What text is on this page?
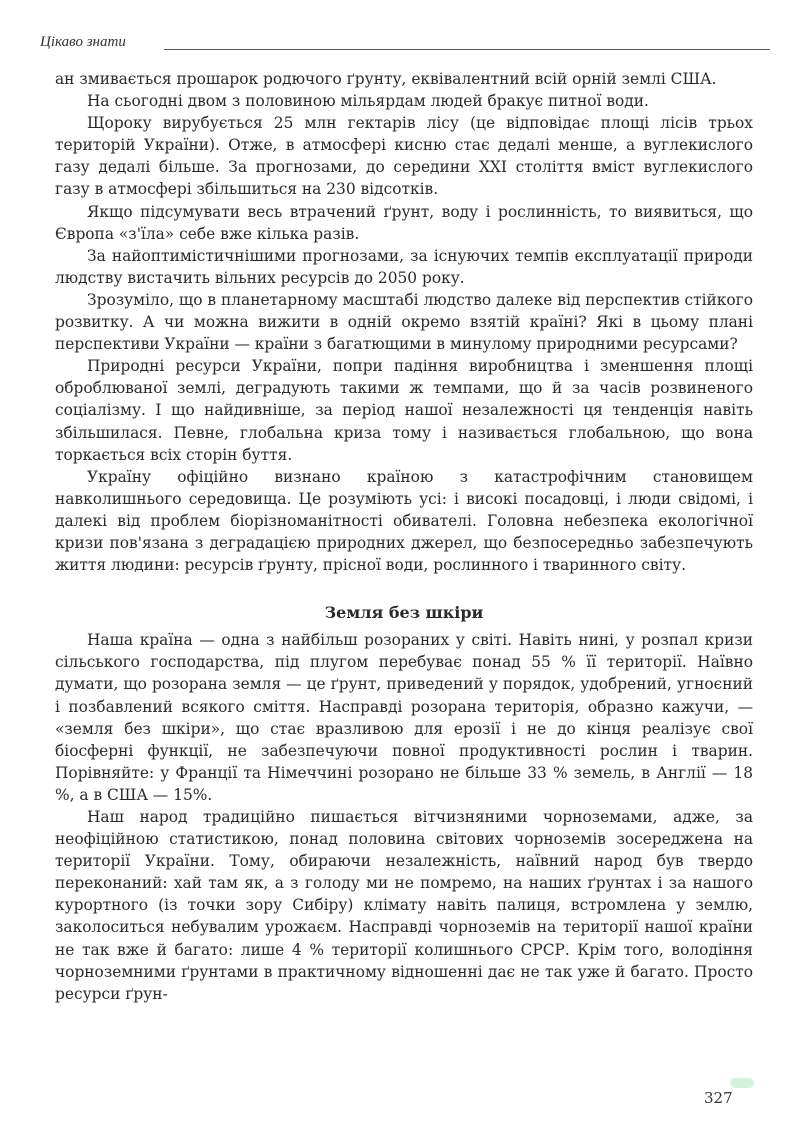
Цікаво знати

ан змивається прошарок родючого ґрунту, еквівалентний всій орній землі США.

На сьогодні двом з половиною мільярдам людей бракує питної води.

Щороку вирубується 25 млн гектарів лісу (це відповідає площі лісів трьох територій України). Отже, в атмосфері кисню стає дедалі менше, а вуглекислого газу дедалі більше. За прогнозами, до середини XXI століття вміст вуглекислого газу в атмосфері збільшиться на 230 відсотків.

Якщо підсумувати весь втрачений ґрунт, воду і рослинність, то виявиться, що Європа «з'їла» себе вже кілька разів.

За найоптимістичнішими прогнозами, за існуючих темпів експлуатації природи людству вистачить вільних ресурсів до 2050 року.

Зрозуміло, що в планетарному масштабі людство далеке від перспектив стійкого розвитку. А чи можна вижити в одній окремо взятій країні? Які в цьому плані перспективи України — країни з багатющими в минулому природними ресурсами?

Природні ресурси України, попри падіння виробництва і зменшення площі оброблюваної землі, деградують такими ж темпами, що й за часів розвиненого соціалізму. І що найдивніше, за період нашої незалежності ця тенденція навіть збільшилася. Певне, глобальна криза тому і називається глобальною, що вона торкається всіх сторін буття.

Україну офіційно визнано країною з катастрофічним становищем навколишнього середовища. Це розуміють усі: і високі посадовці, і люди свідомі, і далекі від проблем біорізноманітності обивателі. Головна небезпека екологічної кризи пов'язана з деградацією природних джерел, що безпосередньо забезпечують життя людини: ресурсів ґрунту, прісної води, рослинного і тваринного світу.

Земля без шкіри

Наша країна — одна з найбільш розораних у світі. Навіть нині, у розпал кризи сільського господарства, під плугом перебуває понад 55 % її території. Наївно думати, що розорана земля — це ґрунт, приведений у порядок, удобрений, угноєний і позбавлений всякого сміття. Насправді розорана територія, образно кажучи, — «земля без шкіри», що стає вразливою для ерозії і не до кінця реалізує свої біосферні функції, не забезпечуючи повної продуктивності рослин і тварин. Порівняйте: у Франції та Німеччині розорано не більше 33 % земель, в Англії — 18 %, а в США — 15%.

Наш народ традиційно пишається вітчизняними чорноземами, адже, за неофіційною статистикою, понад половина світових чорноземів зосереджена на території України. Тому, обираючи незалежність, наївний народ був твердо переконаний: хай там як, а з голоду ми не помремо, на наших ґрунтах і за нашого курортного (із точки зору Сибіру) клімату навіть палиця, встромлена у землю, заколоситься небувалим урожаєм. Насправді чорноземів на території нашої країни не так вже й багато: лише 4 % території колишнього СРСР. Крім того, володіння чорноземними ґрунтами в практичному відношенні дає не так уже й багато. Просто ресурси ґрун-

327
